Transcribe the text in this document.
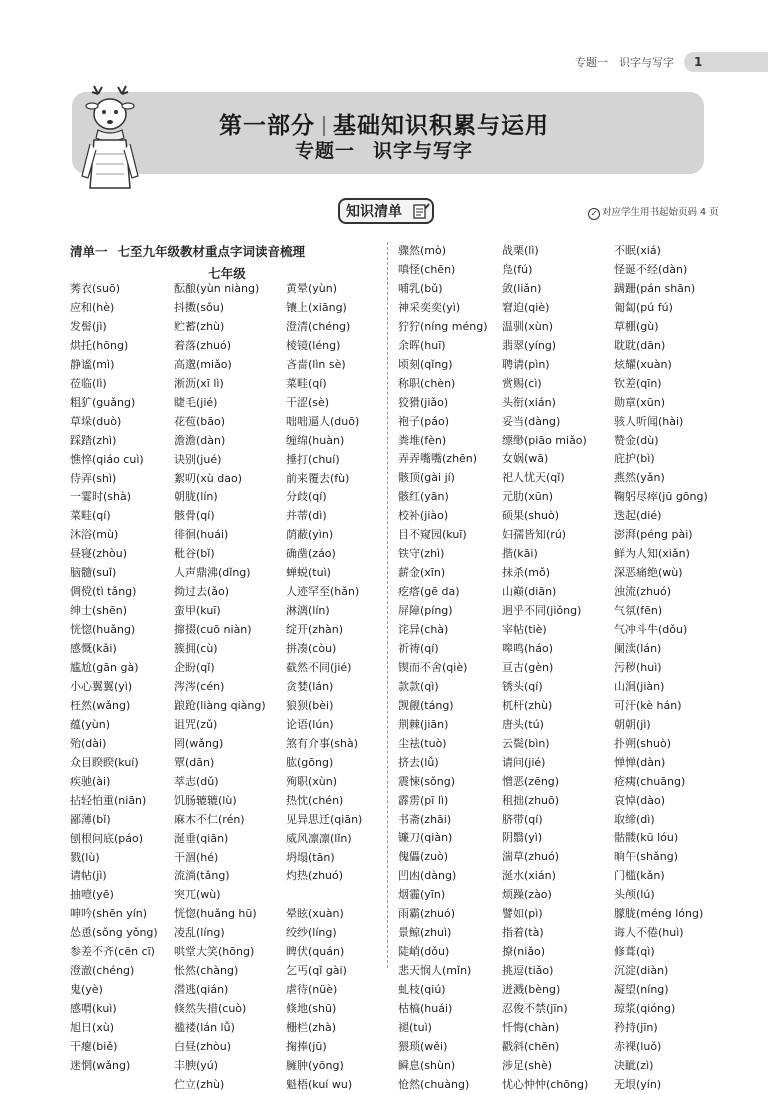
专题一　识字与写字 1
第一部分 基础知识积累与运用
专题一 识字与写字
知识清单	✓ 对应学生用书起始页码 4 页
清单一 七至九年级教材重点字词读音梳理
七年级
莠衣(suō)
应和(hè)
发髻(jì)
烘托(hōng)
静谧(mì)
莅临(lì)
粗犷(guǎng)
草垛(duò)
踩踏(zhì)
憔悴(qiáo cuì)
侍弄(shì)
一霎时(shà)
菜畦(qí)
沐浴(mù)
昼寝(zhòu)
脑髓(suǐ)
倜傥(tì tǎng)
绅士(shēn)
恍惚(huǎng)
感慨(kǎi)
尴尬(gān gà)
小心翼翼(yì)
枉然(wǎng)
蕴(yùn)
殆(dài)
众目睽睽(kuí)
疾驰(ài)
拈轻怕重(niān)
鄙薄(bǐ)
刨根问底(páo)
戮(lù)
请帖(jì)
抽噎(yē)
呻吟(shēn yín)
怂恿(sǒng yǒng)
参差不齐(cēn cī)
澄澈(chéng)
鬼(yè)
感喟(kuì)
旭日(xù)
干瘪(biě)
迷惘(wǎng)
酝酿(yùn niàng)
抖擞(sǒu)
贮蓄(zhù)
着落(zhuó)
高邈(miǎo)
淅沥(xī lì)
睫毛(jié)
花苞(bāo)
澹澹(dàn)
诀别(jué)
絮叨(xù dao)
朝胧(lín)
骸骨(qí)
徘徊(huái)
秕谷(bǐ)
人声鼎沸(dǐng)
拗过去(ǎo)
蛮甲(kuī)
撺掇(cuō niàn)
簇拥(cù)
企盼(qǐ)
涔涔(cén)
踉跄(liàng qiàng)
诅咒(zǔ)
罔(wǎng)
覃(dān)
萃志(dǔ)
饥肠辘辘(lù)
麻木不仁(rén)
涎垂(qiān)
干涸(hé)
流淌(tǎng)
突兀(wù)
恍惚(huǎng hū)
凌乱(líng)
哄堂大笑(hōng)
怅然(chàng)
潜逃(qián)
倏然失措(cuò)
褴褛(lán lǚ)
白昼(zhòu)
丰腴(yú)
伫立(zhù)
黄晕(yùn)
镶上(xiāng)
澄清(chéng)
棱镜(léng)
吝啬(lìn sè)
菜畦(qí)
干涩(sè)
咄咄逼人(duō)
缠绵(huàn)
捶打(chuí)
前来覆去(fù)
分歧(qí)
并蒂(dì)
荫蔽(yìn)
确凿(záo)
蝉蜕(tuì)
人迹罕至(hǎn)
淋漓(lín)
绽开(zhàn)
拼凑(còu)
截然不同(jié)
贪婪(lán)
狼狈(bèi)
论语(lún)
煞有介事(shà)
肱(gōng)
殉职(xùn)
热忱(chén)
见异思迁(qiān)
威风凛凛(lǐn)
坍塌(tān)
灼热(zhuó)
晕眩(xuàn)
绞纱(líng)
睥伏(quán)
乞丐(qǐ gài)
虐待(nüè)
倏地(shū)
栅栏(zhà)
掬捧(jū)
臃肿(yōng)
魁梧(kuí wu)
骤然(mò)
嗔怪(chēn)
哺乳(bǔ)
神采奕奕(yì)
狞狞(níng méng)
余晖(huī)
顷刻(qǐng)
称职(chèn)
狡猾(jiǎo)
袍子(páo)
粪堆(fèn)
弄弄嘴嘴(zhēn)
骸顶(gài jí)
骸红(yān)
校补(jiào)
目不窥园(kuī)
铁守(zhì)
薪金(xīn)
疙瘩(gē da)
屏障(píng)
诧异(chà)
祈祷(qí)
锲而不舍(qiè)
款款(qì)
觊觎(táng)
荆棘(jiān)
尘祛(tuò)
挤去(lǚ)
震悚(sǒng)
霹雳(pī lì)
书斋(zhāi)
镰刀(qiàn)
傀儡(zuò)
凹凼(dàng)
烟霾(yīn)
雨霸(zhuó)
景鲸(zhuì)
陡峭(dǒu)
悲天悯人(mǐn)
虬枝(qiú)
枯槁(huái)
褪(tuì)
猥琐(wěi)
瞬息(shùn)
怆然(chuàng)
战栗(lì)
凫(fú)
敛(liǎn)
窘迫(qiè)
温驯(xùn)
翡翠(yíng)
聘请(pìn)
赏赐(cì)
头衔(xián)
妥当(dàng)
缥缈(piāo miǎo)
女娲(wā)
祀人忧天(qǐ)
元肋(xūn)
硕果(shuò)
妇孺皆知(rú)
揩(kāi)
抹杀(mǒ)
山巅(diān)
迥乎不同(jiǒng)
宰帖(tiè)
嗥鸣(háo)
亘古(gèn)
锈头(qí)
杌杆(zhù)
唐头(tú)
云鬓(bìn)
请问(jié)
憎恶(zēng)
租拙(zhuō)
脐带(qí)
阴翳(yì)
湍草(zhuó)
涎水(xián)
烦躁(zào)
譬如(pì)
指着(tà)
撩(niǎo)
挑逗(tiǎo)
迸溅(bèng)
忍俊不禁(jīn)
忏悔(chàn)
戳斜(chēn)
涉足(shè)
忧心忡忡(chōng)
不眠(xiá)
怪诞不经(dàn)
蹒跚(pán shān)
匍匐(pú fú)
草棚(gù)
耽耽(dān)
炫耀(xuàn)
钦差(qīn)
勋章(xūn)
骇人听闻(hài)
赞金(dù)
庇护(bì)
燕然(yǎn)
鞠躬尽瘁(jū gōng)
迭起(dié)
澎湃(péng pài)
鲜为人知(xiǎn)
深恶痛绝(wù)
浊流(zhuó)
气氛(fēn)
气冲斗牛(dǒu)
阑渎(lán)
污秽(huì)
山涧(jiàn)
可汗(kè hán)
朝朝(jì)
扑朔(shuò)
惮惮(dàn)
疮痍(chuāng)
哀悼(dào)
取缔(dì)
骷髅(kū lóu)
晌午(shǎng)
门槛(kǎn)
头颅(lú)
朦胧(méng lóng)
诲人不倦(huì)
修葺(qì)
沉淀(diàn)
凝望(níng)
琼浆(qióng)
矜持(jīn)
赤裸(luǒ)
决眦(zì)
无垠(yín)
